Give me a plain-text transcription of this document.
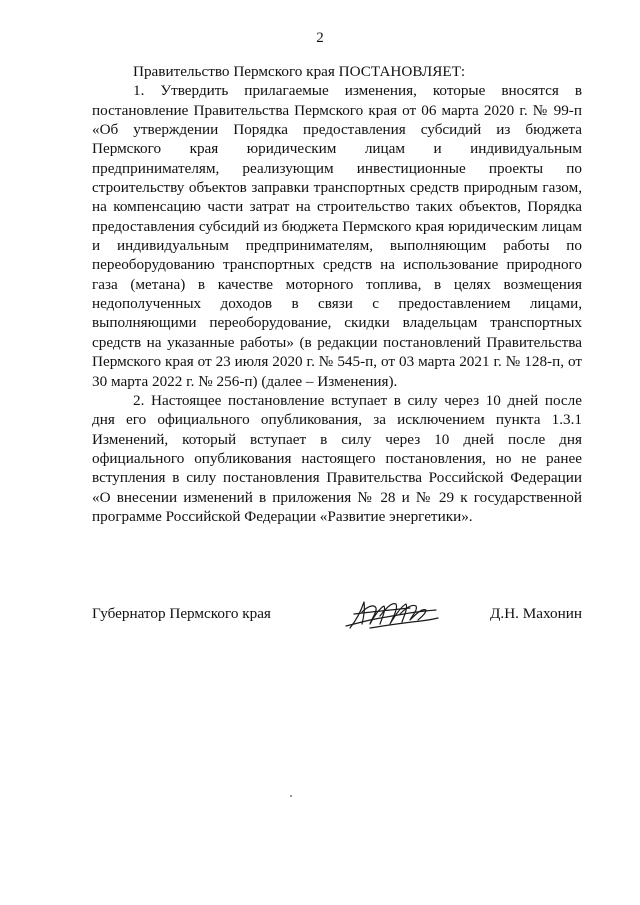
2

Правительство Пермского края ПОСТАНОВЛЯЕТ:

1. Утвердить прилагаемые изменения, которые вносятся в постановление Правительства Пермского края от 06 марта 2020 г. № 99-п «Об утверждении Порядка предоставления субсидий из бюджета Пермского края юридическим лицам и индивидуальным предпринимателям, реализующим инвестиционные проекты по строительству объектов заправки транспортных средств природным газом, на компенсацию части затрат на строительство таких объектов, Порядка предоставления субсидий из бюджета Пермского края юридическим лицам и индивидуальным предпринимателям, выполняющим работы по переоборудованию транспортных средств на использование природного газа (метана) в качестве моторного топлива, в целях возмещения недополученных доходов в связи с предоставлением лицами, выполняющими переоборудование, скидки владельцам транспортных средств на указанные работы» (в редакции постановлений Правительства Пермского края от 23 июля 2020 г. № 545-п, от 03 марта 2021 г. № 128-п, от 30 марта 2022 г. № 256-п) (далее – Изменения).

2. Настоящее постановление вступает в силу через 10 дней после дня его официального опубликования, за исключением пункта 1.3.1 Изменений, который вступает в силу через 10 дней после дня официального опубликования настоящего постановления, но не ранее вступления в силу постановления Правительства Российской Федерации «О внесении изменений в приложения № 28 и № 29 к государственной программе Российской Федерации «Развитие энергетики».

Губернатор Пермского края	Д.Н. Махонин
